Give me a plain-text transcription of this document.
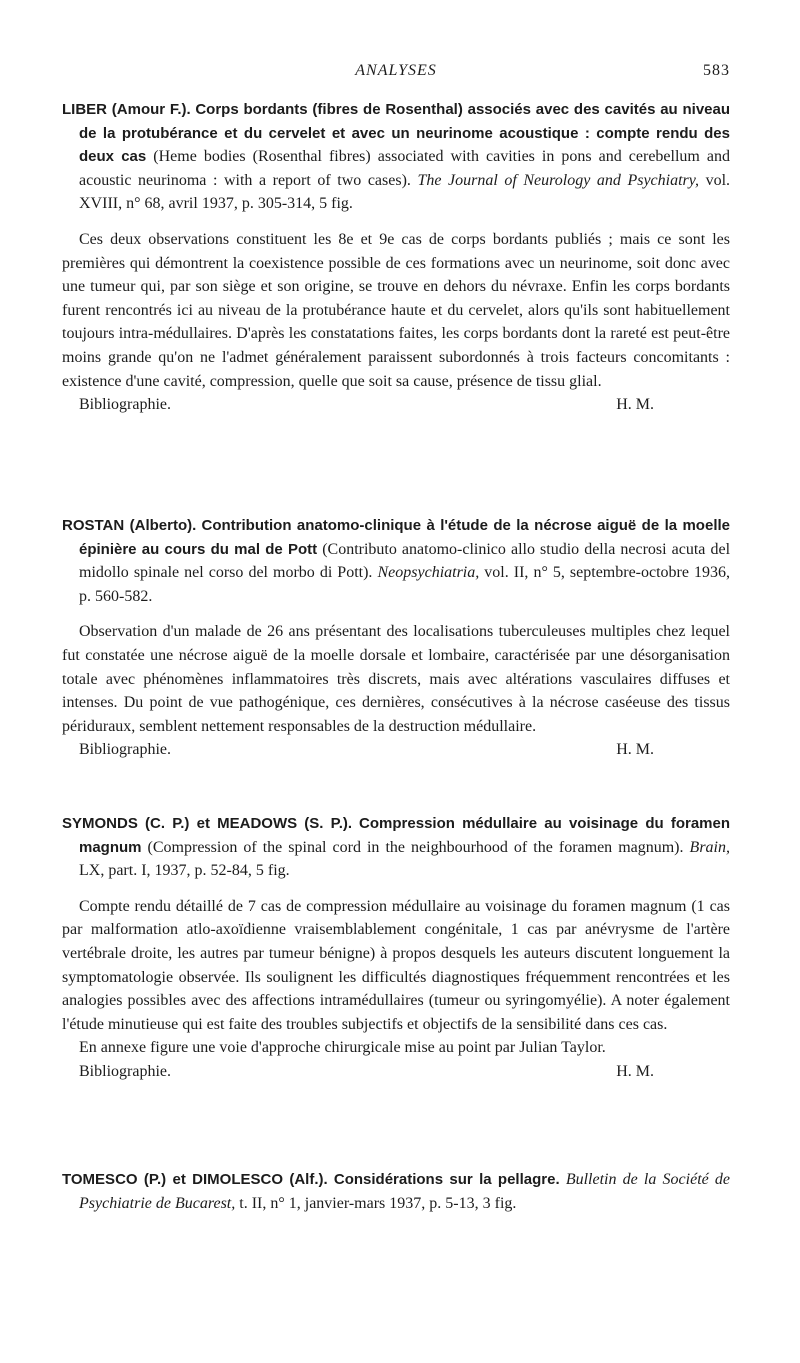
ANALYSES	583

LIBER (Amour F.). Corps bordants (fibres de Rosenthal) associés avec des cavités au niveau de la protubérance et du cervelet et avec un neurinome acoustique : compte rendu des deux cas (Heme bodies (Rosenthal fibres) associated with cavities in pons and cerebellum and acoustic neurinoma : with a report of two cases). The Journal of Neurology and Psychiatry, vol. XVIII, n° 68, avril 1937, p. 305-314, 5 fig.

Ces deux observations constituent les 8e et 9e cas de corps bordants publiés ; mais ce sont les premières qui démontrent la coexistence possible de ces formations avec un neurinome, soit donc avec une tumeur qui, par son siège et son origine, se trouve en dehors du névraxe. Enfin les corps bordants furent rencontrés ici au niveau de la protubérance haute et du cervelet, alors qu'ils sont habituellement toujours intra-médullaires. D'après les constatations faites, les corps bordants dont la rareté est peut-être moins grande qu'on ne l'admet généralement paraissent subordonnés à trois facteurs concomitants : existence d'une cavité, compression, quelle que soit sa cause, présence de tissu glial.

Bibliographie.	H. M.

ROSTAN (Alberto). Contribution anatomo-clinique à l'étude de la nécrose aiguë de la moelle épinière au cours du mal de Pott (Contributo anatomo-clinico allo studio della necrosi acuta del midollo spinale nel corso del morbo di Pott). Neopsychiatria, vol. II, n° 5, septembre-octobre 1936, p. 560-582.

Observation d'un malade de 26 ans présentant des localisations tuberculeuses multiples chez lequel fut constatée une nécrose aiguë de la moelle dorsale et lombaire, caractérisée par une désorganisation totale avec phénomènes inflammatoires très discrets, mais avec altérations vasculaires diffuses et intenses. Du point de vue pathogénique, ces dernières, consécutives à la nécrose caséeuse des tissus périduraux, semblent nettement responsables de la destruction médullaire.

Bibliographie.	H. M.

SYMONDS (C. P.) et MEADOWS (S. P.). Compression médullaire au voisinage du foramen magnum (Compression of the spinal cord in the neighbourhood of the foramen magnum). Brain, LX, part. I, 1937, p. 52-84, 5 fig.

Compte rendu détaillé de 7 cas de compression médullaire au voisinage du foramen magnum (1 cas par malformation atlo-axoïdienne vraisemblablement congénitale, 1 cas par anévrysme de l'artère vertébrale droite, les autres par tumeur bénigne) à propos desquels les auteurs discutent longuement la symptomatologie observée. Ils soulignent les difficultés diagnostiques fréquemment rencontrées et les analogies possibles avec des affections intramédullaires (tumeur ou syringomyélie). A noter également l'étude minutieuse qui est faite des troubles subjectifs et objectifs de la sensibilité dans ces cas.

En annexe figure une voie d'approche chirurgicale mise au point par Julian Taylor.

Bibliographie.	H. M.

TOMESCO (P.) et DIMOLESCO (Alf.). Considérations sur la pellagre. Bulletin de la Société de Psychiatrie de Bucarest, t. II, n° 1, janvier-mars 1937, p. 5-13, 3 fig.
